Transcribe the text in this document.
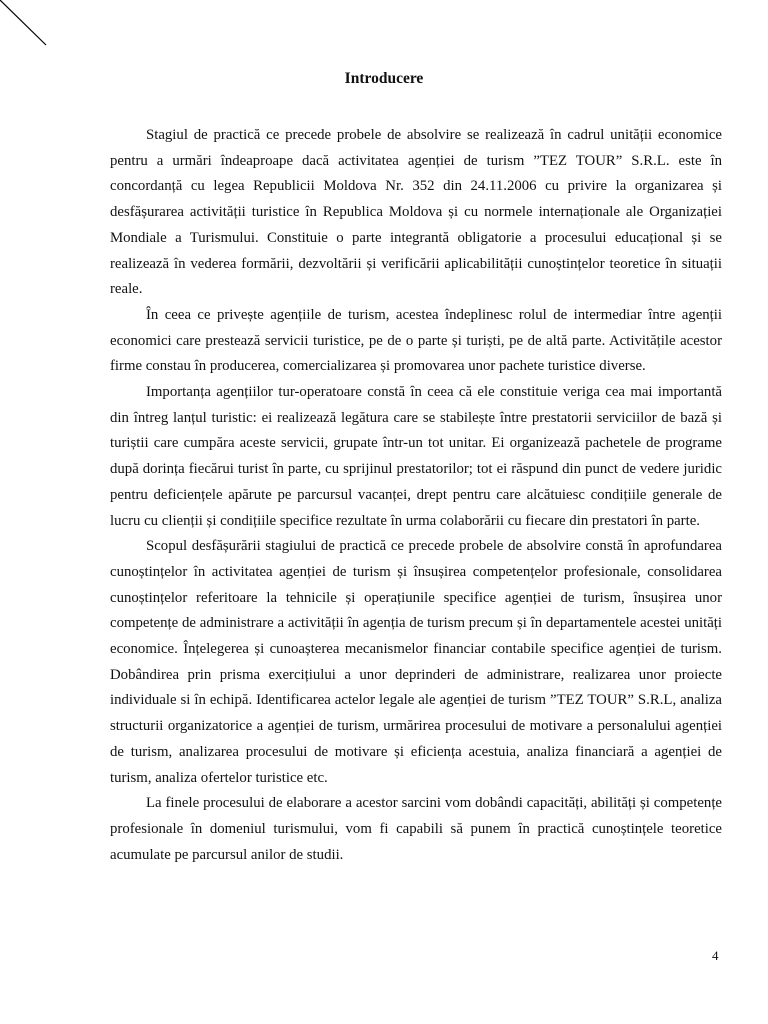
Introducere

Stagiul de practică ce precede probele de absolvire se realizează în cadrul unității economice pentru a urmări îndeaproape dacă activitatea agenției de turism ”TEZ TOUR” S.R.L. este în concordanță cu legea Republicii Moldova Nr. 352 din 24.11.2006 cu privire la organizarea și desfășurarea activității turistice în Republica Moldova și cu normele internaționale ale Organizației Mondiale a Turismului. Constituie o parte integrantă obligatorie a procesului educațional și se realizează în vederea formării, dezvoltării și verificării aplicabilității cunoștințelor teoretice în situații reale.

În ceea ce privește agențiile de turism, acestea îndeplinesc rolul de intermediar între agenții economici care prestează servicii turistice, pe de o parte și turiști, pe de altă parte. Activitățile acestor firme constau în producerea, comercializarea și promovarea unor pachete turistice diverse.

Importanța agențiilor tur-operatoare constă în ceea că ele constituie veriga cea mai importantă din întreg lanțul turistic: ei realizează legătura care se stabilește între prestatorii serviciilor de bază și turiștii care cumpăra aceste servicii, grupate într-un tot unitar. Ei organizează pachetele de programe după dorința fiecărui turist în parte, cu sprijinul prestatorilor; tot ei răspund din punct de vedere juridic pentru deficiențele apărute pe parcursul vacanței, drept pentru care alcătuiesc condițiile generale de lucru cu clienții și condițiile specifice rezultate în urma colaborării cu fiecare din prestatori în parte.

Scopul desfășurării stagiului de practică ce precede probele de absolvire constă în aprofundarea cunoștințelor în activitatea agenției de turism și însușirea competențelor profesionale, consolidarea cunoștințelor referitoare la tehnicile și operațiunile specifice agenției de turism, însușirea unor competențe de administrare a activității în agenția de turism precum și în departamentele acestei unități economice. Înțelegerea și cunoașterea mecanismelor financiar contabile specifice agenției de turism. Dobândirea prin prisma exercițiului a unor deprinderi de administrare, realizarea unor proiecte individuale si în echipă. Identificarea actelor legale ale agenției de turism ”TEZ TOUR” S.R.L, analiza structurii organizatorice a agenției de turism, urmărirea procesului de motivare a personalului agenției de turism, analizarea procesului de motivare și eficiența acestuia, analiza financiară a agenției de turism, analiza ofertelor turistice etc.

La finele procesului de elaborare a acestor sarcini vom dobândi capacități, abilități și competențe profesionale în domeniul turismului, vom fi capabili să punem în practică cunoștințele teoretice acumulate pe parcursul anilor de studii.

4
